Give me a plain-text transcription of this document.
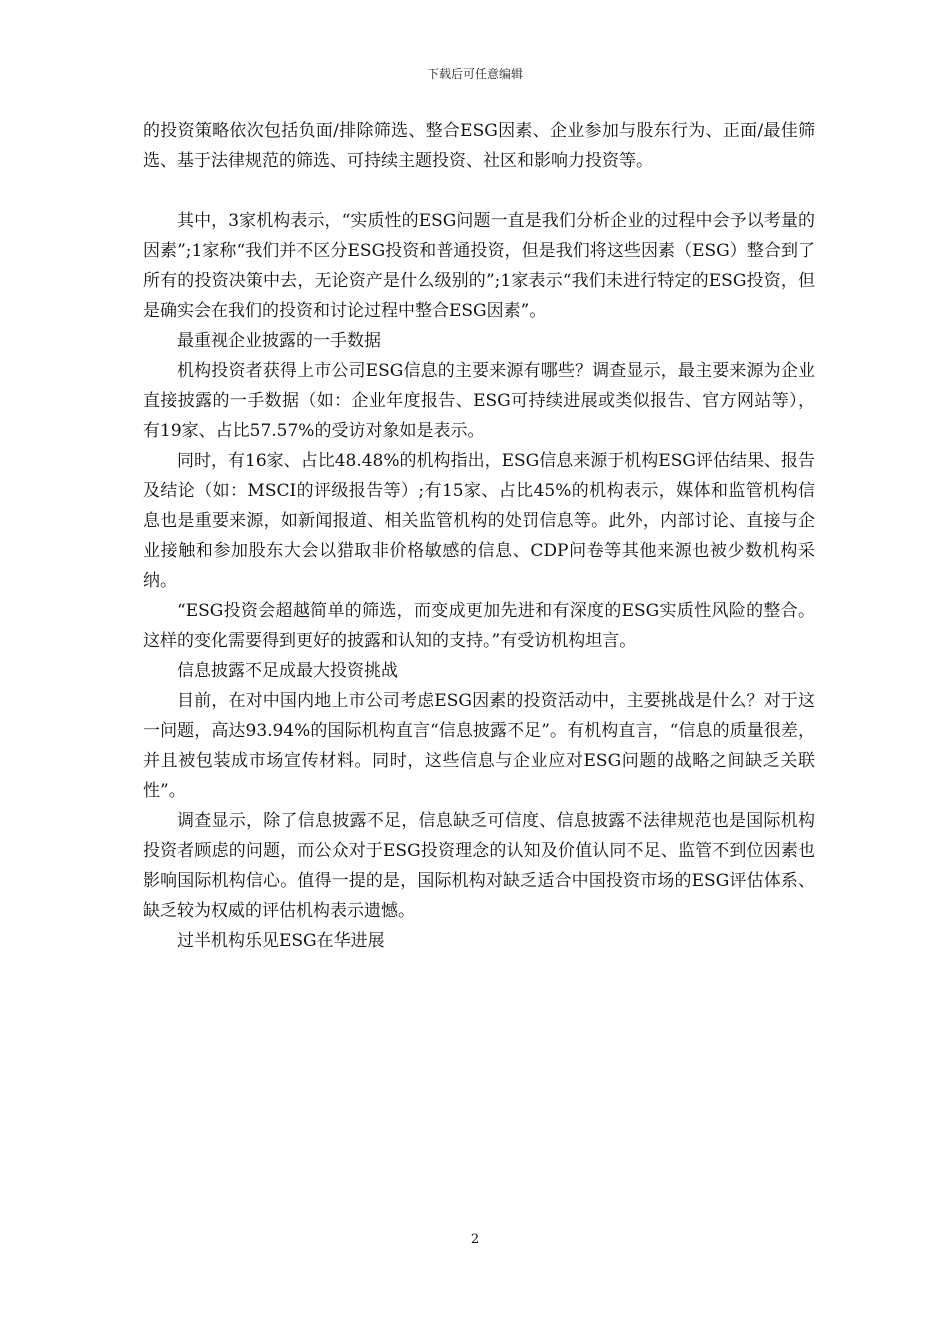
下载后可任意编辑

的投资策略依次包括负面/排除筛选、整合ESG因素、企业参加与股东行为、正面/最佳筛选、基于法律规范的筛选、可持续主题投资、社区和影响力投资等。

其中，3家机构表示，“实质性的ESG问题一直是我们分析企业的过程中会予以考量的因素”;1家称“我们并不区分ESG投资和普通投资，但是我们将这些因素（ESG）整合到了所有的投资决策中去，无论资产是什么级别的”;1家表示“我们未进行特定的ESG投资，但是确实会在我们的投资和讨论过程中整合ESG因素”。

最重视企业披露的一手数据

机构投资者获得上市公司ESG信息的主要来源有哪些？调查显示，最主要来源为企业直接披露的一手数据（如：企业年度报告、ESG可持续进展或类似报告、官方网站等），有19家、占比57.57%的受访对象如是表示。

同时，有16家、占比48.48%的机构指出，ESG信息来源于机构ESG评估结果、报告及结论（如：MSCI的评级报告等）;有15家、占比45%的机构表示，媒体和监管机构信息也是重要来源，如新闻报道、相关监管机构的处罚信息等。此外，内部讨论、直接与企业接触和参加股东大会以猎取非价格敏感的信息、CDP问卷等其他来源也被少数机构采纳。

“ESG投资会超越简单的筛选，而变成更加先进和有深度的ESG实质性风险的整合。这样的变化需要得到更好的披露和认知的支持。”有受访机构坦言。

信息披露不足成最大投资挑战

目前，在对中国内地上市公司考虑ESG因素的投资活动中，主要挑战是什么？对于这一问题，高达93.94%的国际机构直言“信息披露不足”。有机构直言，“信息的质量很差，并且被包装成市场宣传材料。同时，这些信息与企业应对ESG问题的战略之间缺乏关联性”。

调查显示，除了信息披露不足，信息缺乏可信度、信息披露不法律规范也是国际机构投资者顾虑的问题，而公众对于ESG投资理念的认知及价值认同不足、监管不到位因素也影响国际机构信心。值得一提的是，国际机构对缺乏适合中国投资市场的ESG评估体系、缺乏较为权威的评估机构表示遗憾。

过半机构乐见ESG在华进展

2
